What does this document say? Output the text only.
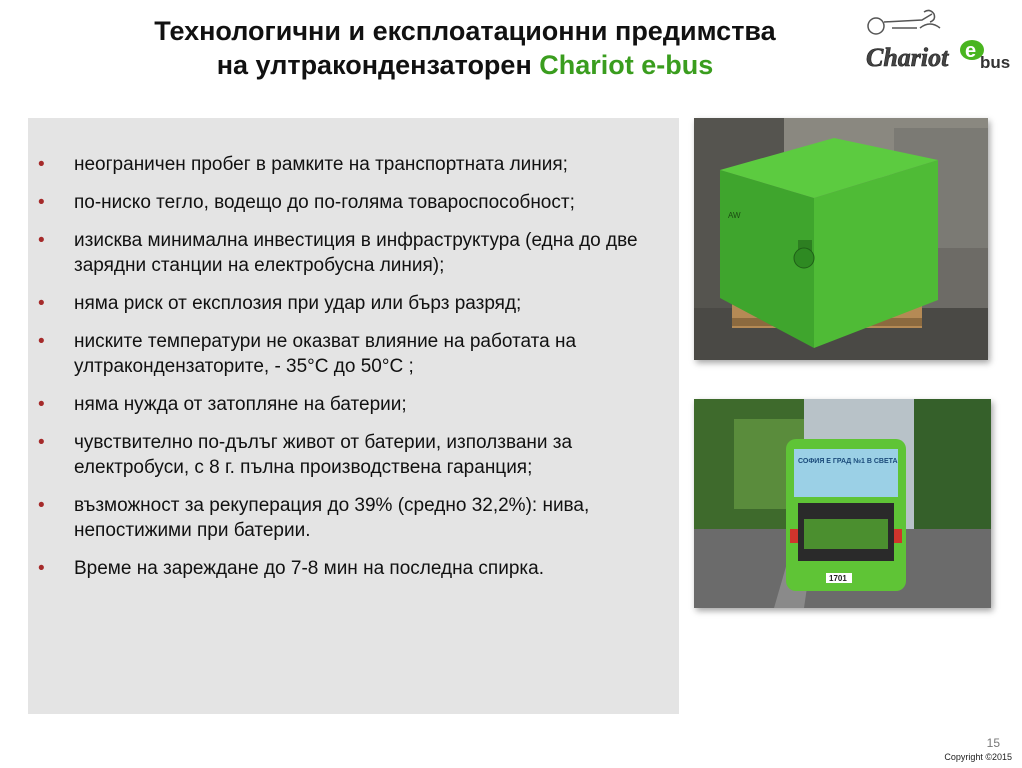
Технологични и експлоатационни предимства
на ултракондензаторен Chariot e-bus	Chariot e
bus
• неограничен пробег в рамките на транспортната линия;
• по-ниско тегло, водещо до по-голяма товароспособност;
• изисква минимална инвестиция в инфраструктура (една до две зарядни станции на електробусна линия);
• няма риск от експлозия при удар или бърз разряд;
• ниските температури не оказват влияние на работата на ултракондензаторите, - 35°C до 50°C ;
• няма нужда от затопляне на батерии;
• чувствително по-дълъг живот от батерии, използвани за електробуси, с 8 г. пълна производствена гаранция;
• възможност за рекуперация до 39% (средно 32,2%): нива, непостижими при батерии.
• Време на зареждане до 7-8 мин на последна спирка.
AW
СОФИЯ Е ГРАД №1 В СВЕТА
1701
15
Copyright ©2015
